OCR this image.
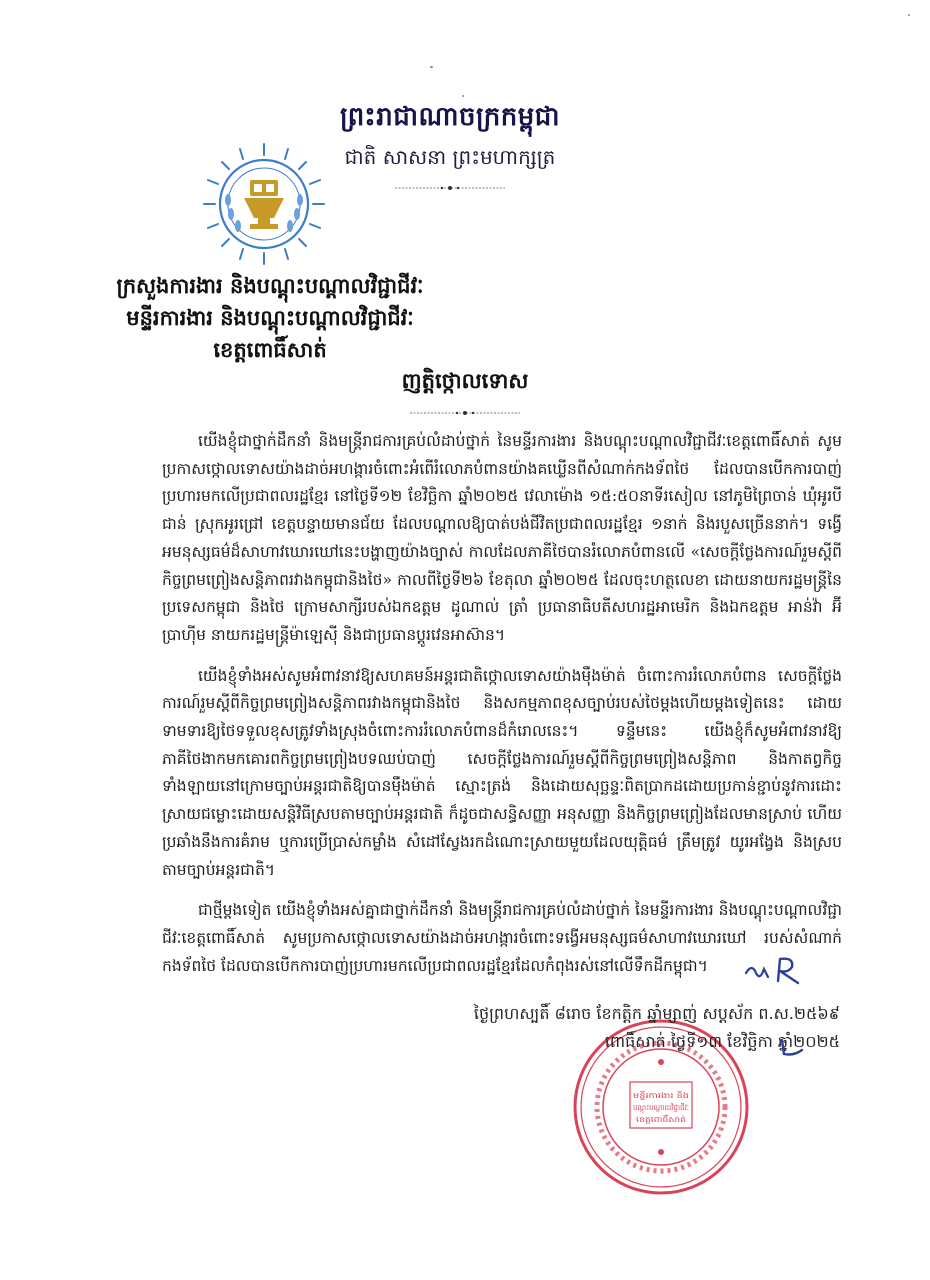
ព្រះរាជាណាចក្រកម្ពុជា
ជាតិ សាសនា ព្រះមហាក្សត្រ
ក្រសួងការងារ និងបណ្តុះបណ្តាលវិជ្ជាជីវៈ
មន្ទីរការងារ និងបណ្តុះបណ្តាលវិជ្ជាជីវៈ
ខេត្តពោធិ៍សាត់
ញត្តិថ្កោលទោស

យើងខ្ញុំជាថ្នាក់ដឹកនាំ និងមន្ត្រីរាជការគ្រប់លំដាប់ថ្នាក់ នៃមន្ទីរការងារ និងបណ្តុះបណ្តាលវិជ្ជាជីវៈខេត្តពោធិ៍សាត់ សូមប្រកាសថ្កោលទោសយ៉ាងដាច់អហង្ការចំពោះអំពើរំលោភបំពានយ៉ាងគឃ្លើនពីសំណាក់កងទ័ពថៃ ដែលបានបើកការបាញ់ប្រហារមកលើប្រជាពលរដ្ឋខ្មែរ នៅថ្ងៃទី១២ ខែវិច្ឆិកា ឆ្នាំ២០២៥ វេលាម៉ោង ១៥:៥០នាទីរសៀល នៅភូមិព្រៃចាន់ ឃុំអូរបីជាន់ ស្រុកអូរជ្រៅ ខេត្តបន្ទាយមានជ័យ ដែលបណ្តាលឱ្យបាត់បង់ជីវិតប្រជាពលរដ្ឋខ្មែរ ១នាក់ និងរបួសច្រើននាក់។ ទង្វើអមនុស្សធម៌ដ៏សាហាវឃោរឃៅនេះបង្ហាញយ៉ាងច្បាស់ កាលដែលភាគីថៃបានរំលោភបំពានលើ «សេចក្តីថ្លែងការណ៍រួមស្តីពីកិច្ចព្រមព្រៀងសន្តិភាពរវាងកម្ពុជានិងថៃ» កាលពីថ្ងៃទី២៦ ខែតុលា ឆ្នាំ២០២៥ ដែលចុះហត្ថលេខា ដោយនាយករដ្ឋមន្ត្រីនៃប្រទេសកម្ពុជា និងថៃ ក្រោមសាក្សីរបស់ឯកឧត្តម ដូណាល់ ត្រាំ ប្រធានាធិបតីសហរដ្ឋអាមេរិក និងឯកឧត្តម អាន់វ៉ា អ៊ីប្រាហ៊ីម នាយករដ្ឋមន្ត្រីម៉ាឡេស៊ី និងជាប្រធានប្តូរវេនអាស៊ាន។

យើងខ្ញុំទាំងអស់សូមអំពាវនាវឱ្យសហគមន៍អន្តរជាតិថ្កោលទោសយ៉ាងម៉ឺងម៉ាត់ ចំពោះការរំលោភបំពាន សេចក្តីថ្លែងការណ៍រួមស្តីពីកិច្ចព្រមព្រៀងសន្តិភាពរវាងកម្ពុជានិងថៃ និងសកម្មភាពខុសច្បាប់របស់ថៃម្តងហើយម្តងទៀតនេះ ដោយទាមទារឱ្យថៃទទួលខុសត្រូវទាំងស្រុងចំពោះការរំលោភបំពានដ៏កំរោលនេះ។ ទន្ទឹមនេះ យើងខ្ញុំក៏សូមអំពាវនាវឱ្យភាគីថៃងាកមកគោរពកិច្ចព្រមព្រៀងបទឈប់បាញ់ សេចក្តីថ្លែងការណ៍រួមស្តីពីកិច្ចព្រមព្រៀងសន្តិភាព និងកាតព្វកិច្ចទាំងឡាយនៅក្រោមច្បាប់អន្តរជាតិឱ្យបានម៉ឺងម៉ាត់ ស្មោះត្រង់ និងដោយសុច្ឆន្ទៈពិតប្រាកដដោយប្រកាន់ខ្ជាប់នូវការដោះស្រាយជម្លោះដោយសន្តិវិធីស្របតាមច្បាប់អន្តរជាតិ ក៏ដូចជាសន្ធិសញ្ញា អនុសញ្ញា និងកិច្ចព្រមព្រៀងដែលមានស្រាប់ ហើយប្រឆាំងនឹងការគំរាម ឬការប្រើប្រាស់កម្លាំង សំដៅស្វែងរកដំណោះស្រាយមួយដែលយុត្តិធម៌ ត្រឹមត្រូវ យូរអង្វែង និងស្របតាមច្បាប់អន្តរជាតិ។

ជាថ្មីម្តងទៀត យើងខ្ញុំទាំងអស់គ្នាជាថ្នាក់ដឹកនាំ និងមន្ត្រីរាជការគ្រប់លំដាប់ថ្នាក់ នៃមន្ទីរការងារ និងបណ្តុះបណ្តាលវិជ្ជាជីវៈខេត្តពោធិ៍សាត់ សូមប្រកាសថ្កោលទោសយ៉ាងដាច់អហង្ការចំពោះទង្វើអមនុស្សធម៌សាហាវឃោរឃៅ របស់សំណាក់កងទ័ពថៃ ដែលបានបើកការបាញ់ប្រហារមកលើប្រជាពលរដ្ឋខ្មែរដែលកំពុងរស់នៅលើទឹកដីកម្ពុជា។

មន្ទីរការងារ និង
បណ្តុះបណ្តាលវិជ្ជាជីវៈ
ខេត្តពោធិ៍សាត់
ថ្ងៃព្រហស្បតិ៍ ៨រោច ខែកត្តិក ឆ្នាំម្សាញ់ សប្តស័ក ព.ស.២៥៦៩
ពោធិ៍សាត់ ថ្ងៃទី១៣ ខែវិច្ឆិកា ឆ្នាំ២០២៥
